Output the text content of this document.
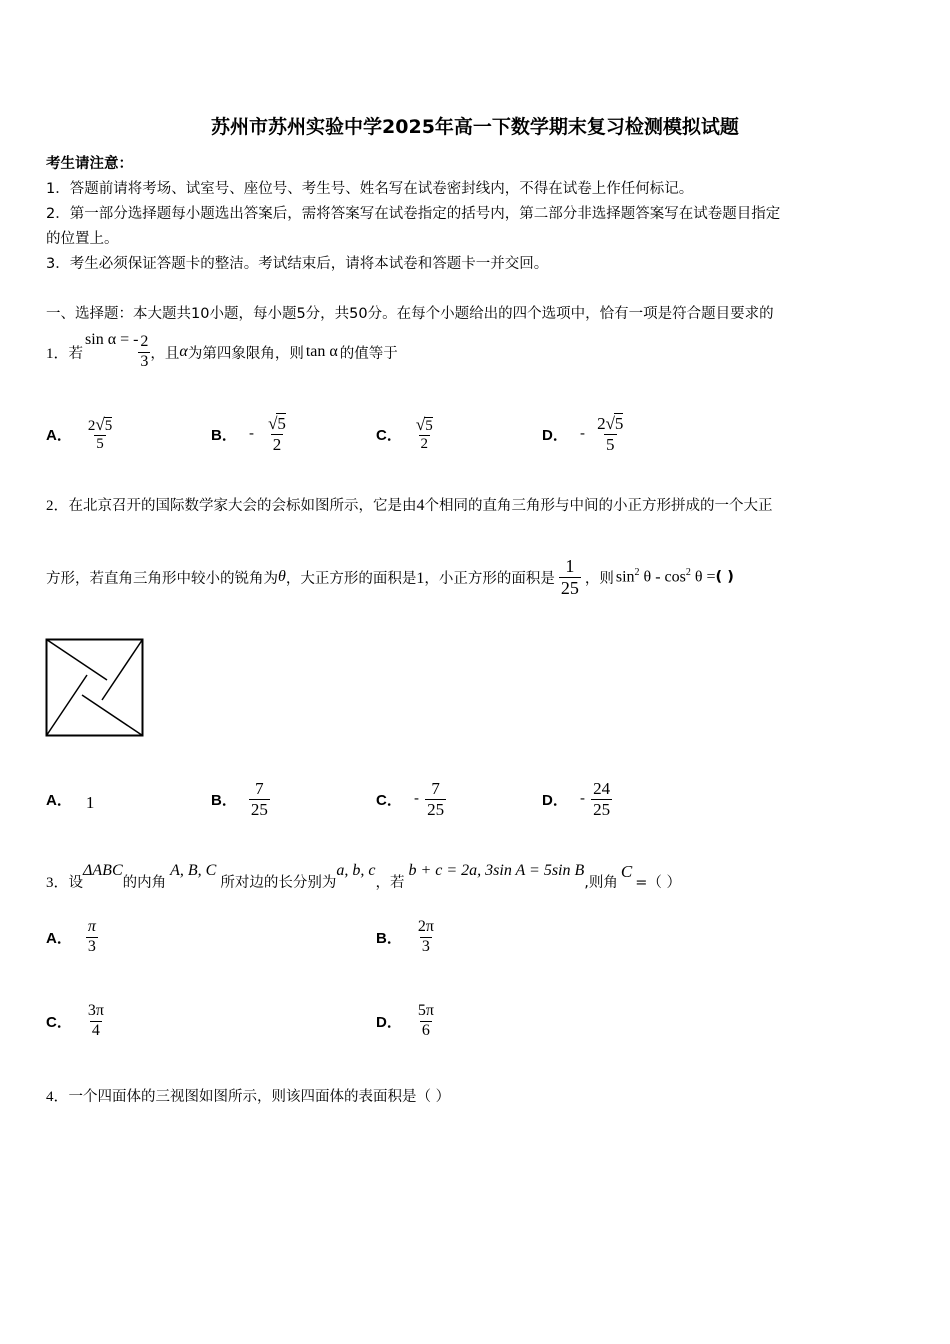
苏州市苏州实验中学2025年高一下数学期末复习检测模拟试题
考生请注意：
1．答题前请将考场、试室号、座位号、考生号、姓名写在试卷密封线内，不得在试卷上作任何标记。
2．第一部分选择题每小题选出答案后，需将答案写在试卷指定的括号内，第二部分非选择题答案写在试卷题目指定
的位置上。
3．考生必须保证答题卡的整洁。考试结束后，请将本试卷和答题卡一并交回。
一、选择题：本大题共10小题，每小题5分，共50分。在每个小题给出的四个选项中，恰有一项是符合题目要求的
1． 若
sin α = - $\frac{2}{3}$ ，且 α 为第四象限角，则 tan α 的值等于
A． $\frac{2√5}{5}$	B． - $\frac{√5}{2}$	C． $\frac{√5}{2}$	D． - $\frac{2√5}{5}$
2．在北京召开的国际数学家大会的会标如图所示，它是由4个相同的直角三角形与中间的小正方形拼成的一个大正
方形，若直角三角形中较小的锐角为 θ ，大正方形的面积是 1 ，小正方形的面积是 $\frac{1}{25}$ ，则 $\sin^2 \theta - \cos^2 \theta$ = ( )
A． 1	B． $\frac{7}{25}$	C． - $\frac{7}{25}$	D． - $\frac{24}{25}$
3． 设
ΔABC
的内角
A, B, C
所对边的长分别为
a, b, c
，若
b + c = 2a, 3sin A = 5sin B
,则角
C
=（ ）
A． $\frac{\pi}{3}$	B． $\frac{2\pi}{3}$
C． $\frac{3\pi}{4}$	D． $\frac{5\pi}{6}$
4．一个四面体的三视图如图所示，则该四面体的表面积是（ ）
